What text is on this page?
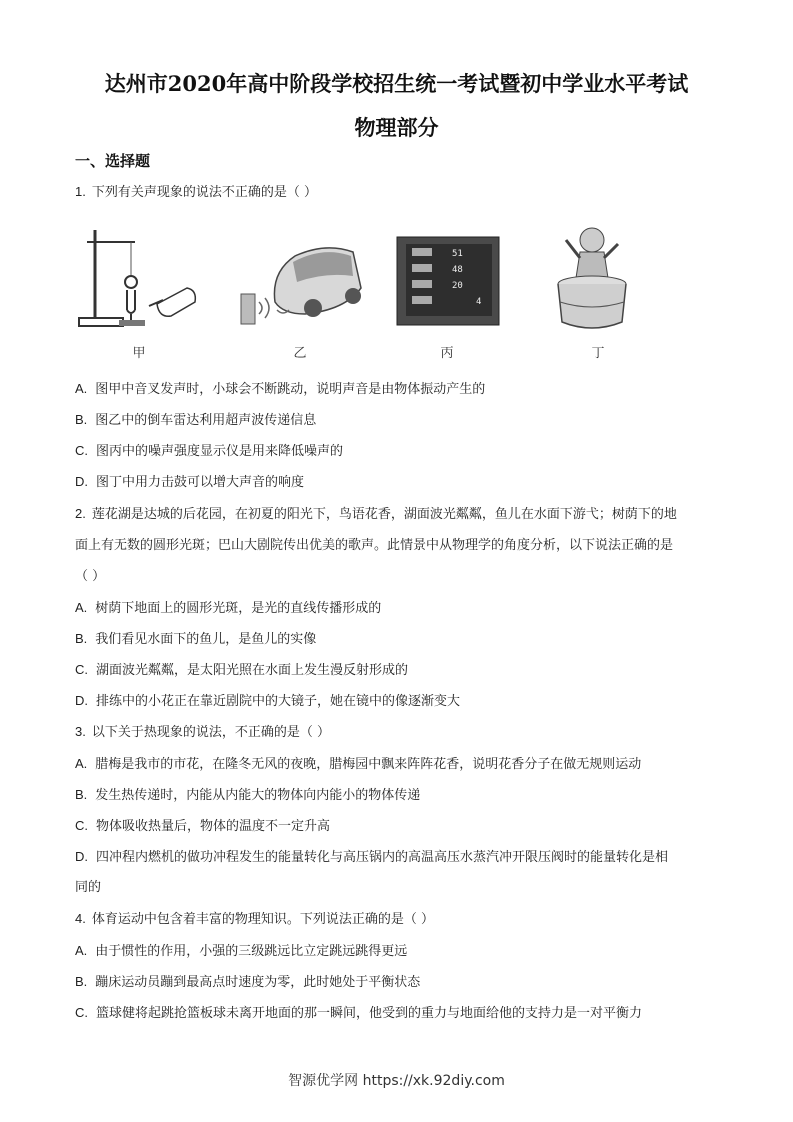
达州市2020年高中阶段学校招生统一考试暨初中学业水平考试
物理部分
一、选择题
1. 下列有关声现象的说法不正确的是（ ）
甲	乙
51
48
20
4
丙	丁
A. 图甲中音叉发声时，小球会不断跳动，说明声音是由物体振动产生的
B. 图乙中的倒车雷达利用超声波传递信息
C. 图丙中的噪声强度显示仪是用来降低噪声的
D. 图丁中用力击鼓可以增大声音的响度
2. 莲花湖是达城的后花园，在初夏的阳光下，鸟语花香，湖面波光粼粼，鱼儿在水面下游弋；树荫下的地
面上有无数的圆形光斑；巴山大剧院传出优美的歌声。此情景中从物理学的角度分析，以下说法正确的是
（ ）
A. 树荫下地面上的圆形光斑，是光的直线传播形成的
B. 我们看见水面下的鱼儿，是鱼儿的实像
C. 湖面波光粼粼，是太阳光照在水面上发生漫反射形成的
D. 排练中的小花正在靠近剧院中的大镜子，她在镜中的像逐渐变大
3. 以下关于热现象的说法，不正确的是（ ）
A. 腊梅是我市的市花，在隆冬无风的夜晚，腊梅园中飘来阵阵花香，说明花香分子在做无规则运动
B. 发生热传递时，内能从内能大的物体向内能小的物体传递
C. 物体吸收热量后，物体的温度不一定升高
D. 四冲程内燃机的做功冲程发生的能量转化与高压锅内的高温高压水蒸汽冲开限压阀时的能量转化是相
同的
4. 体育运动中包含着丰富的物理知识。下列说法正确的是（ ）
A. 由于惯性的作用，小强的三级跳远比立定跳远跳得更远
B. 蹦床运动员蹦到最高点时速度为零，此时她处于平衡状态
C. 篮球健将起跳抢篮板球未离开地面的那一瞬间，他受到的重力与地面给他的支持力是一对平衡力
智源优学网 https://xk.92diy.com
